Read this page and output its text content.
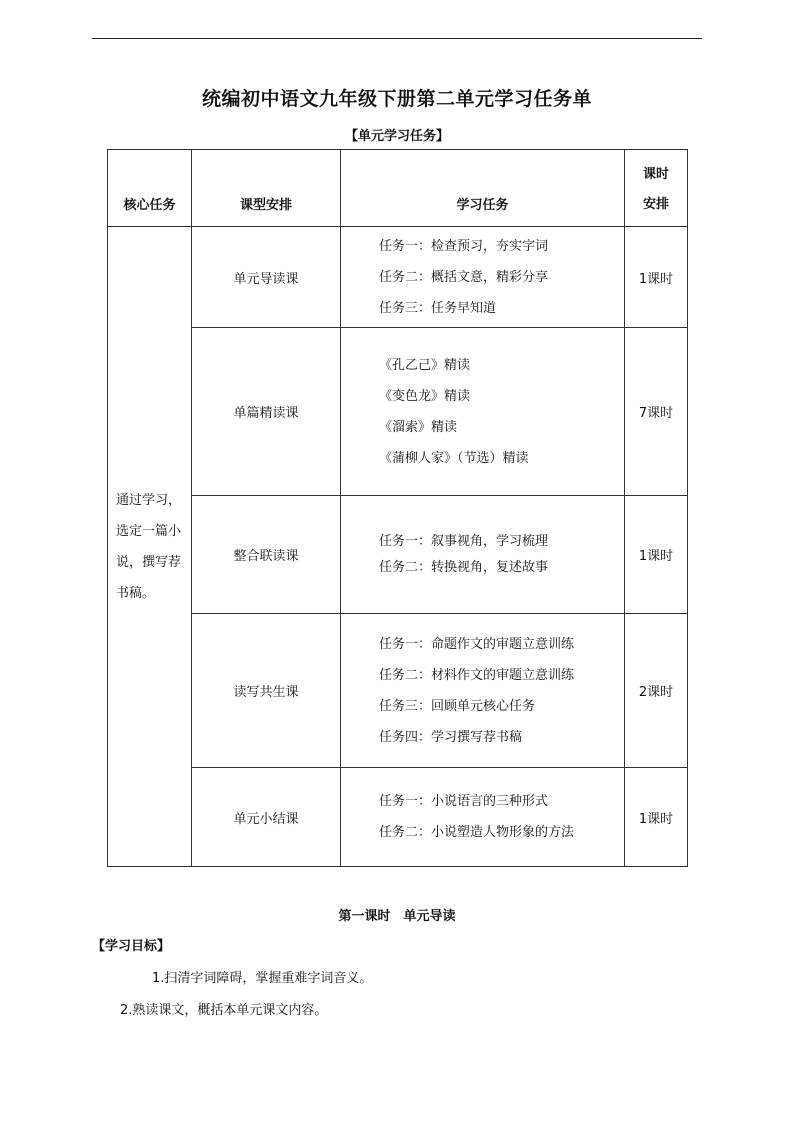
统编初中语文九年级下册第二单元学习任务单
【单元学习任务】
核心任务	课型安排	学习任务	课时
安排

通过学习，选定一篇小说，撰写荐书稿。	单元导读课	任务一：检查预习，夯实字词
任务二：概括文意，精彩分享
任务三：任务早知道	1课时
	单篇精读课	《孔乙己》精读
《变色龙》精读
《溜索》精读
《蒲柳人家》（节选）精读	7课时
	整合联读课	任务一：叙事视角，学习梳理
任务二：转换视角，复述故事	1课时
	读写共生课	任务一：命题作文的审题立意训练
任务二：材料作文的审题立意训练
任务三：回顾单元核心任务
任务四：学习撰写荐书稿	2课时
	单元小结课	任务一：小说语言的三种形式
任务二：小说塑造人物形象的方法	1课时
第一课时　单元导读
【学习目标】
1.扫清字词障碍，掌握重难字词音义。
2.熟读课文，概括本单元课文内容。
